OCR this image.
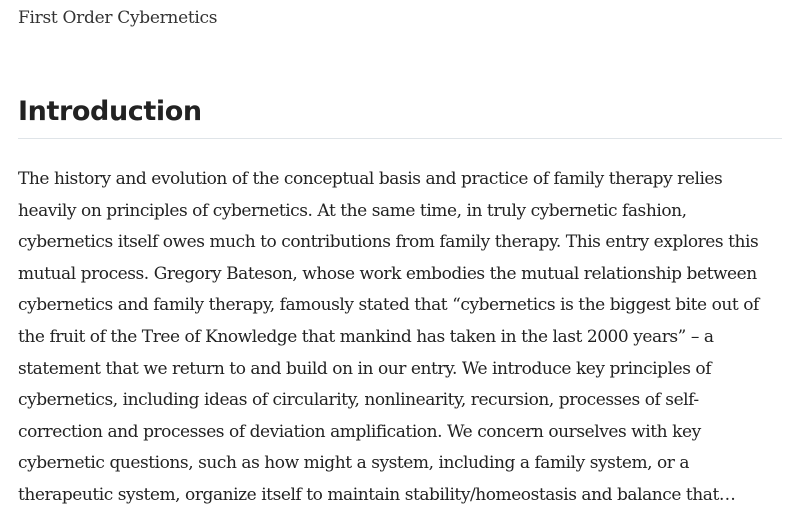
First Order Cybernetics
Introduction

The history and evolution of the conceptual basis and practice of family therapy relies
heavily on principles of cybernetics. At the same time, in truly cybernetic fashion,
cybernetics itself owes much to contributions from family therapy. This entry explores this
mutual process. Gregory Bateson, whose work embodies the mutual relationship between
cybernetics and family therapy, famously stated that “cybernetics is the biggest bite out of
the fruit of the Tree of Knowledge that mankind has taken in the last 2000 years” – a
statement that we return to and build on in our entry. We introduce key principles of
cybernetics, including ideas of circularity, nonlinearity, recursion, processes of self-
correction and processes of deviation amplification. We concern ourselves with key
cybernetic questions, such as how might a system, including a family system, or a
therapeutic system, organize itself to maintain stability/homeostasis and balance that…
